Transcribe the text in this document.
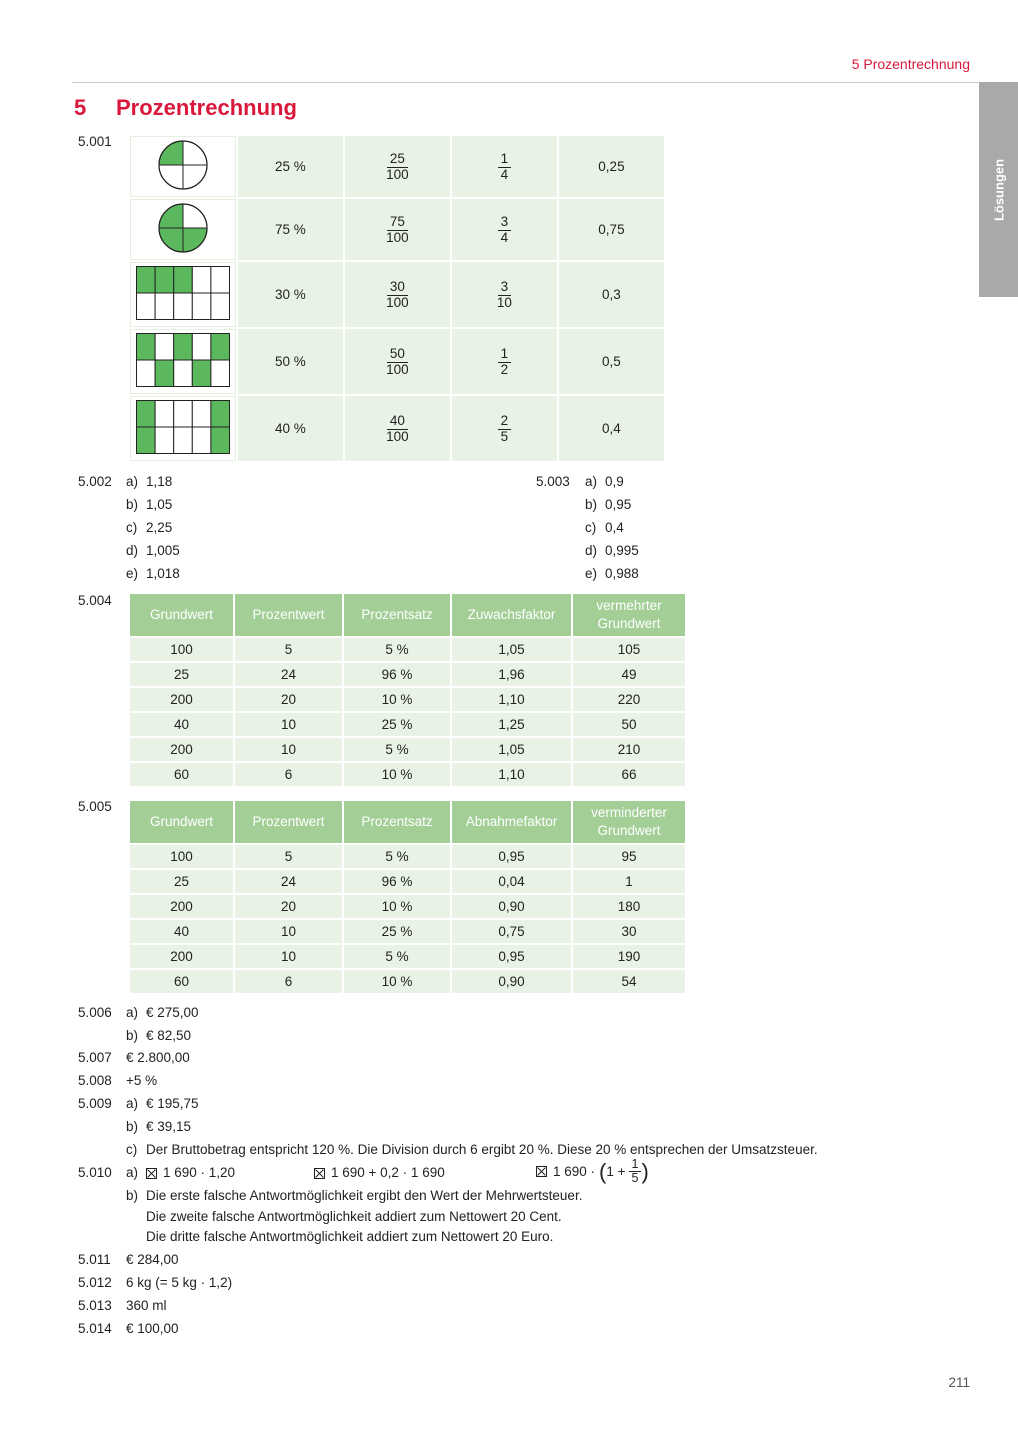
5 Prozentrechnung
Lösungen
5 Prozentrechnung
5.001
	25 %	$\frac{25}{100}$	$\frac{1}{4}$	0,25
	75 %	$\frac{75}{100}$	$\frac{3}{4}$	0,75
	30 %	$\frac{30}{100}$	$\frac{3}{10}$	0,3
	50 %	$\frac{50}{100}$	$\frac{1}{2}$	0,5
	40 %	$\frac{40}{100}$	$\frac{2}{5}$	0,4
5.002 a) 1,18
b) 1,05
c) 2,25
d) 1,005
e) 1,018
5.003 a) 0,9
b) 0,95
c) 0,4
d) 0,995
e) 0,988
5.004
Grundwert	Prozentwert	Prozentsatz	Zuwachsfaktor	vermehrter Grundwert
100	5	5 %	1,05	105
25	24	96 %	1,96	49
200	20	10 %	1,10	220
40	10	25 %	1,25	50
200	10	5 %	1,05	210
60	6	10 %	1,10	66
5.005
Grundwert	Prozentwert	Prozentsatz	Abnahmefaktor	verminderter Grundwert
100	5	5 %	0,95	95
25	24	96 %	0,04	1
200	20	10 %	0,90	180
40	10	25 %	0,75	30
200	10	5 %	0,95	190
60	6	10 %	0,90	54
5.006 a) € 275,00
b) € 82,50
5.007 € 2.800,00
5.008 +5 %
5.009 a) € 195,75
b) € 39,15
c) Der Bruttobetrag entspricht 120 %. Die Division durch 6 ergibt 20 %. Diese 20 % entsprechen der Umsatzsteuer.
5.010 a)	1 690 · 1,20	1 690 + 0,2 · 1 690	1 690 · ( $1 + \frac{1}{5}$ )
b) Die erste falsche Antwortmöglichkeit ergibt den Wert der Mehrwertsteuer.
Die zweite falsche Antwortmöglichkeit addiert zum Nettowert 20 Cent.
Die dritte falsche Antwortmöglichkeit addiert zum Nettowert 20 Euro.
5.011 € 284,00
5.012 6 kg (= 5 kg · 1,2)
5.013 360 ml
5.014 € 100,00
211
